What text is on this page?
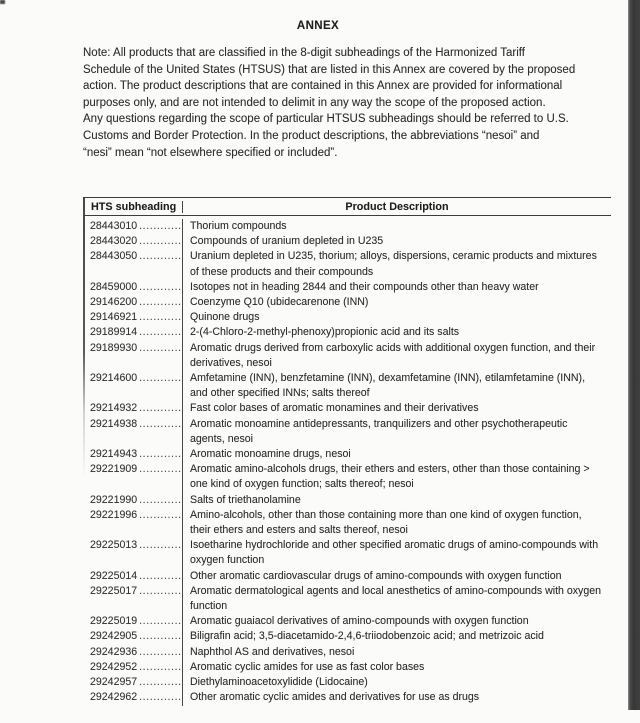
ANNEX
Note: All products that are classified in the 8-digit subheadings of the Harmonized Tariff
Schedule of the United States (HTSUS) that are listed in this Annex are covered by the proposed
action. The product descriptions that are contained in this Annex are provided for informational
purposes only, and are not intended to delimit in any way the scope of the proposed action.
Any questions regarding the scope of particular HTSUS subheadings should be referred to U.S.
Customs and Border Protection. In the product descriptions, the abbreviations “nesoi” and
“nesi” mean “not elsewhere specified or included”.
HTS subheading	Product Description
28443010 ............ Thorium compounds
28443020 ............ Compounds of uranium depleted in U235
28443050 ............ Uranium depleted in U235, thorium; alloys, dispersions, ceramic products and mixtures of these products and their compounds
28459000 ............ Isotopes not in heading 2844 and their compounds other than heavy water
29146200 ............ Coenzyme Q10 (ubidecarenone (INN)
29146921 ............ Quinone drugs
29189914 ............ 2-(4-Chloro-2-methyl-phenoxy)propionic acid and its salts
29189930 ............ Aromatic drugs derived from carboxylic acids with additional oxygen function, and their derivatives, nesoi
29214600 ............ Amfetamine (INN), benzfetamine (INN), dexamfetamine (INN), etilamfetamine (INN), and other specified INNs; salts thereof
29214932 ............ Fast color bases of aromatic monamines and their derivatives
29214938 ............ Aromatic monoamine antidepressants, tranquilizers and other psychotherapeutic agents, nesoi
29214943 ............ Aromatic monoamine drugs, nesoi
29221909 ............ Aromatic amino-alcohols drugs, their ethers and esters, other than those containing > one kind of oxygen function; salts thereof; nesoi
29221990 ............ Salts of triethanolamine
29221996 ............ Amino-alcohols, other than those containing more than one kind of oxygen function, their ethers and esters and salts thereof, nesoi
29225013 ............ Isoetharine hydrochloride and other specified aromatic drugs of amino-compounds with oxygen function
29225014 ............ Other aromatic cardiovascular drugs of amino-compounds with oxygen function
29225017 ............ Aromatic dermatological agents and local anesthetics of amino-compounds with oxygen function
29225019 ............ Aromatic guaiacol derivatives of amino-compounds with oxygen function
29242905 ............ Biligrafin acid; 3,5-diacetamido-2,4,6-triiodobenzoic acid; and metrizoic acid
29242936 ............ Naphthol AS and derivatives, nesoi
29242952 ............ Aromatic cyclic amides for use as fast color bases
29242957 ............ Diethylaminoacetoxylidide (Lidocaine)
29242962 ............ Other aromatic cyclic amides and derivatives for use as drugs
